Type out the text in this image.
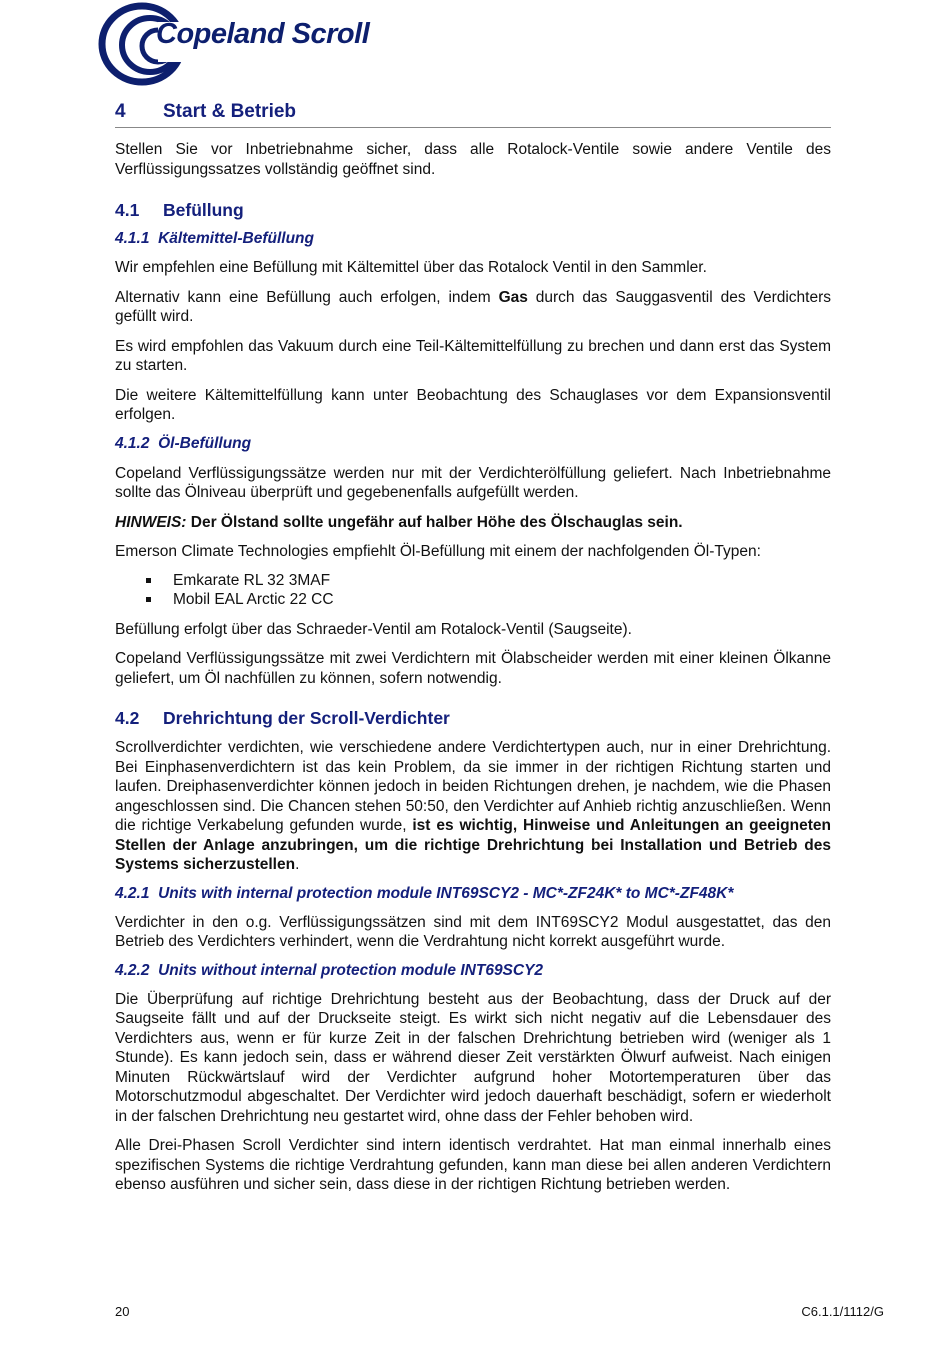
Copeland Scroll
4 Start & Betrieb

Stellen Sie vor Inbetriebnahme sicher, dass alle Rotalock-Ventile sowie andere Ventile des Verflüssigungssatzes vollständig geöffnet sind.

4.1 Befüllung
4.1.1 Kältemittel-Befüllung

Wir empfehlen eine Befüllung mit Kältemittel über das Rotalock Ventil in den Sammler.

Alternativ kann eine Befüllung auch erfolgen, indem Gas durch das Sauggasventil des Verdichters gefüllt wird.

Es wird empfohlen das Vakuum durch eine Teil-Kältemittelfüllung zu brechen und dann erst das System zu starten.

Die weitere Kältemittelfüllung kann unter Beobachtung des Schauglases vor dem Expansionsventil erfolgen.

4.1.2 Öl-Befüllung

Copeland Verflüssigungssätze werden nur mit der Verdichterölfüllung geliefert. Nach Inbetriebnahme sollte das Ölniveau überprüft und gegebenenfalls aufgefüllt werden.

HINWEIS: Der Ölstand sollte ungefähr auf halber Höhe des Ölschauglas sein.

Emerson Climate Technologies empfiehlt Öl-Befüllung mit einem der nachfolgenden Öl-Typen:

Emkarate RL 32 3MAF
Mobil EAL Arctic 22 CC

Befüllung erfolgt über das Schraeder-Ventil am Rotalock-Ventil (Saugseite).

Copeland Verflüssigungssätze mit zwei Verdichtern mit Ölabscheider werden mit einer kleinen Ölkanne geliefert, um Öl nachfüllen zu können, sofern notwendig.

4.2 Drehrichtung der Scroll-Verdichter

Scrollverdichter verdichten, wie verschiedene andere Verdichtertypen auch, nur in einer Drehrichtung. Bei Einphasenverdichtern ist das kein Problem, da sie immer in der richtigen Richtung starten und laufen. Dreiphasenverdichter können jedoch in beiden Richtungen drehen, je nachdem, wie die Phasen angeschlossen sind. Die Chancen stehen 50:50, den Verdichter auf Anhieb richtig anzuschließen. Wenn die richtige Verkabelung gefunden wurde, ist es wichtig, Hinweise und Anleitungen an geeigneten Stellen der Anlage anzubringen, um die richtige Drehrichtung bei Installation und Betrieb des Systems sicherzustellen.

4.2.1 Units with internal protection module INT69SCY2 - MC*-ZF24K* to MC*-ZF48K*

Verdichter in den o.g. Verflüssigungssätzen sind mit dem INT69SCY2 Modul ausgestattet, das den Betrieb des Verdichters verhindert, wenn die Verdrahtung nicht korrekt ausgeführt wurde.

4.2.2 Units without internal protection module INT69SCY2

Die Überprüfung auf richtige Drehrichtung besteht aus der Beobachtung, dass der Druck auf der Saugseite fällt und auf der Druckseite steigt. Es wirkt sich nicht negativ auf die Lebensdauer des Verdichters aus, wenn er für kurze Zeit in der falschen Drehrichtung betrieben wird (weniger als 1 Stunde). Es kann jedoch sein, dass er während dieser Zeit verstärkten Ölwurf aufweist. Nach einigen Minuten Rückwärtslauf wird der Verdichter aufgrund hoher Motortemperaturen über das Motorschutzmodul abgeschaltet. Der Verdichter wird jedoch dauerhaft beschädigt, sofern er wiederholt in der falschen Drehrichtung neu gestartet wird, ohne dass der Fehler behoben wird.

Alle Drei-Phasen Scroll Verdichter sind intern identisch verdrahtet. Hat man einmal innerhalb eines spezifischen Systems die richtige Verdrahtung gefunden, kann man diese bei allen anderen Verdichtern ebenso ausführen und sicher sein, dass diese in der richtigen Richtung betrieben werden.

20	C6.1.1/1112/G
